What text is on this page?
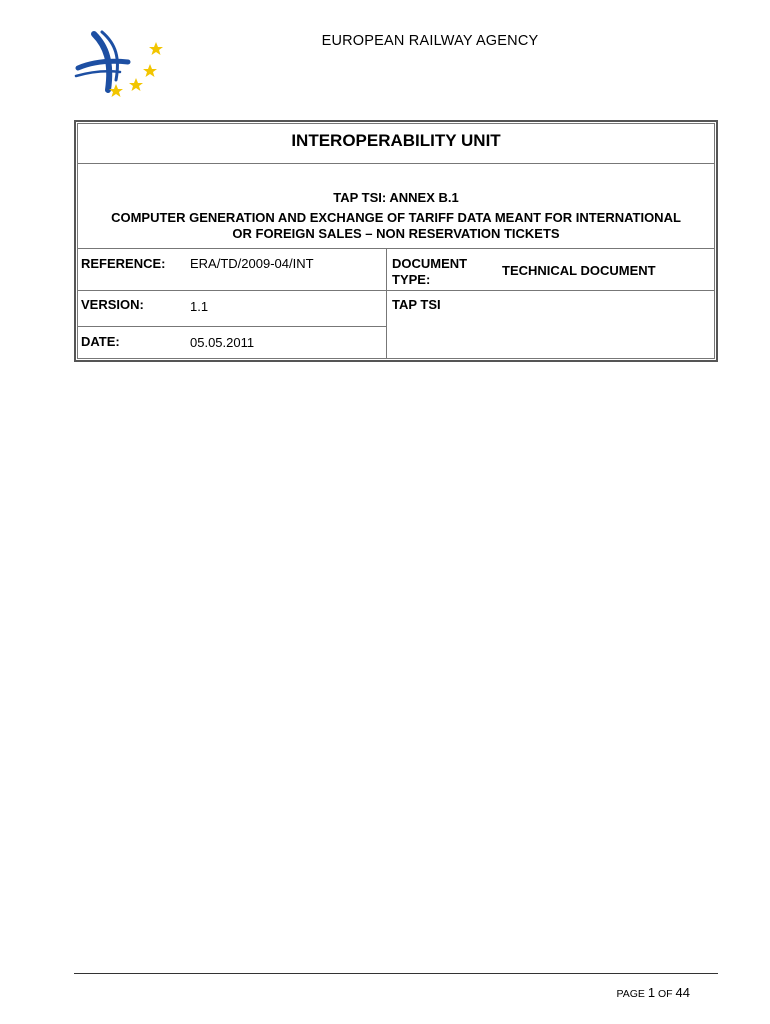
EUROPEAN RAILWAY AGENCY
INTEROPERABILITY UNIT
TAP TSI: ANNEX B.1
COMPUTER GENERATION AND EXCHANGE OF TARIFF DATA MEANT FOR INTERNATIONAL
OR FOREIGN SALES – NON RESERVATION TICKETS
REFERENCE: ERA/TD/2009-04/INT
VERSION:	1.1
DATE:	05.05.2011
DOCUMENT
TYPE:
TECHNICAL DOCUMENT
TAP TSI
PAGE 1 OF 44
